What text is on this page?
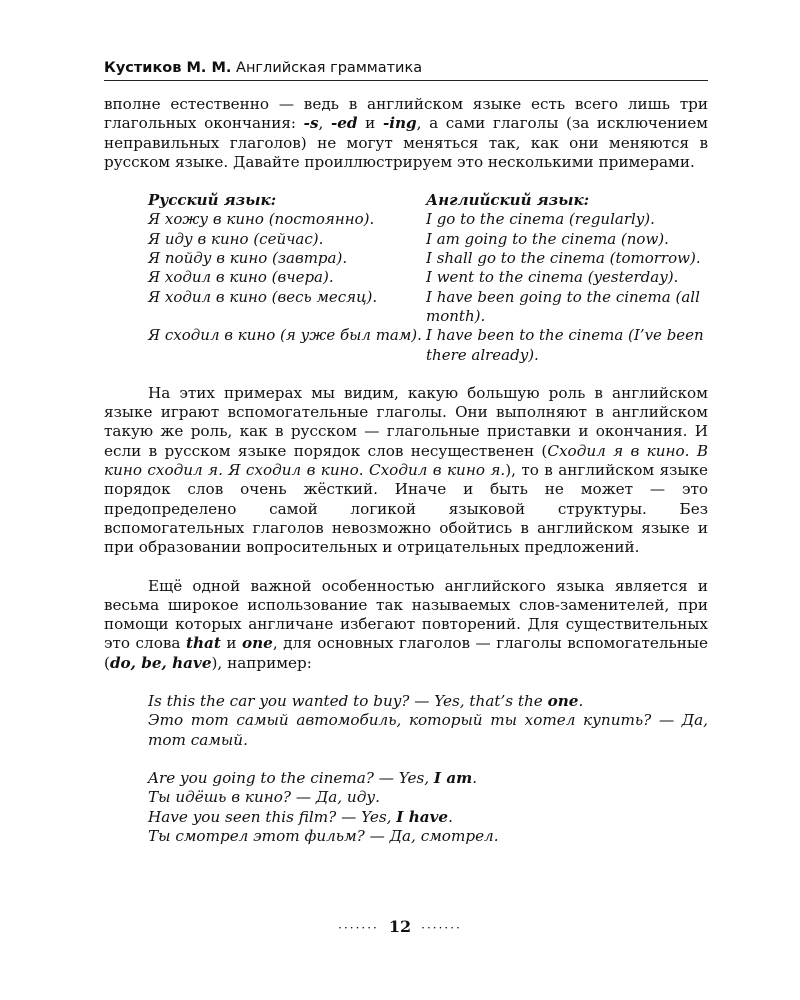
Кустиков М. М. Английская грамматика

вполне естественно — ведь в английском языке есть всего лишь три глагольных окончания: -s, -ed и -ing, а сами глаголы (за исключением неправильных глаголов) не могут меняться так, как они меняются в русском языке. Давайте проиллюстрируем это несколькими примерами.

Русский язык:	Английский язык:
Я хожу в кино (постоянно).	I go to the cinema (regularly).
Я иду в кино (сейчас).	I am going to the cinema (now).
Я пойду в кино (завтра).	I shall go to the cinema (tomorrow).
Я ходил в кино (вчера).	I went to the cinema (yesterday).
Я ходил в кино (весь месяц).	I have been going to the cinema (all month).
Я сходил в кино (я уже был там).	I have been to the cinema (I’ve been there already).

На этих примерах мы видим, какую большую роль в английском языке играют вспомогательные глаголы. Они выполняют в английском такую же роль, как в русском — глагольные приставки и окончания. И если в русском языке порядок слов несущественен (Сходил я в кино. В кино сходил я. Я сходил в кино. Сходил в кино я.), то в английском языке порядок слов очень жёсткий. Иначе и быть не может — это предопределено самой логикой языковой структуры. Без вспомогательных глаголов невозможно обойтись в английском языке и при образовании вопросительных и отрицательных предложений.

Ещё одной важной особенностью английского языка является и весьма широкое использование так называемых слов-заменителей, при помощи которых англичане избегают повторений. Для существительных это слова that и one, для основных глаголов — глаголы вспомогательные (do, be, have), например:

Is this the car you wanted to buy? — Yes, that’s the one.
Это тот самый автомобиль, который ты хотел купить? — Да, тот самый.
Are you going to the cinema? — Yes, I am.
Ты идёшь в кино? — Да, иду.
Have you seen this film? — Yes, I have.
Ты смотрел этот фильм? — Да, смотрел.
······· 12 ·······
